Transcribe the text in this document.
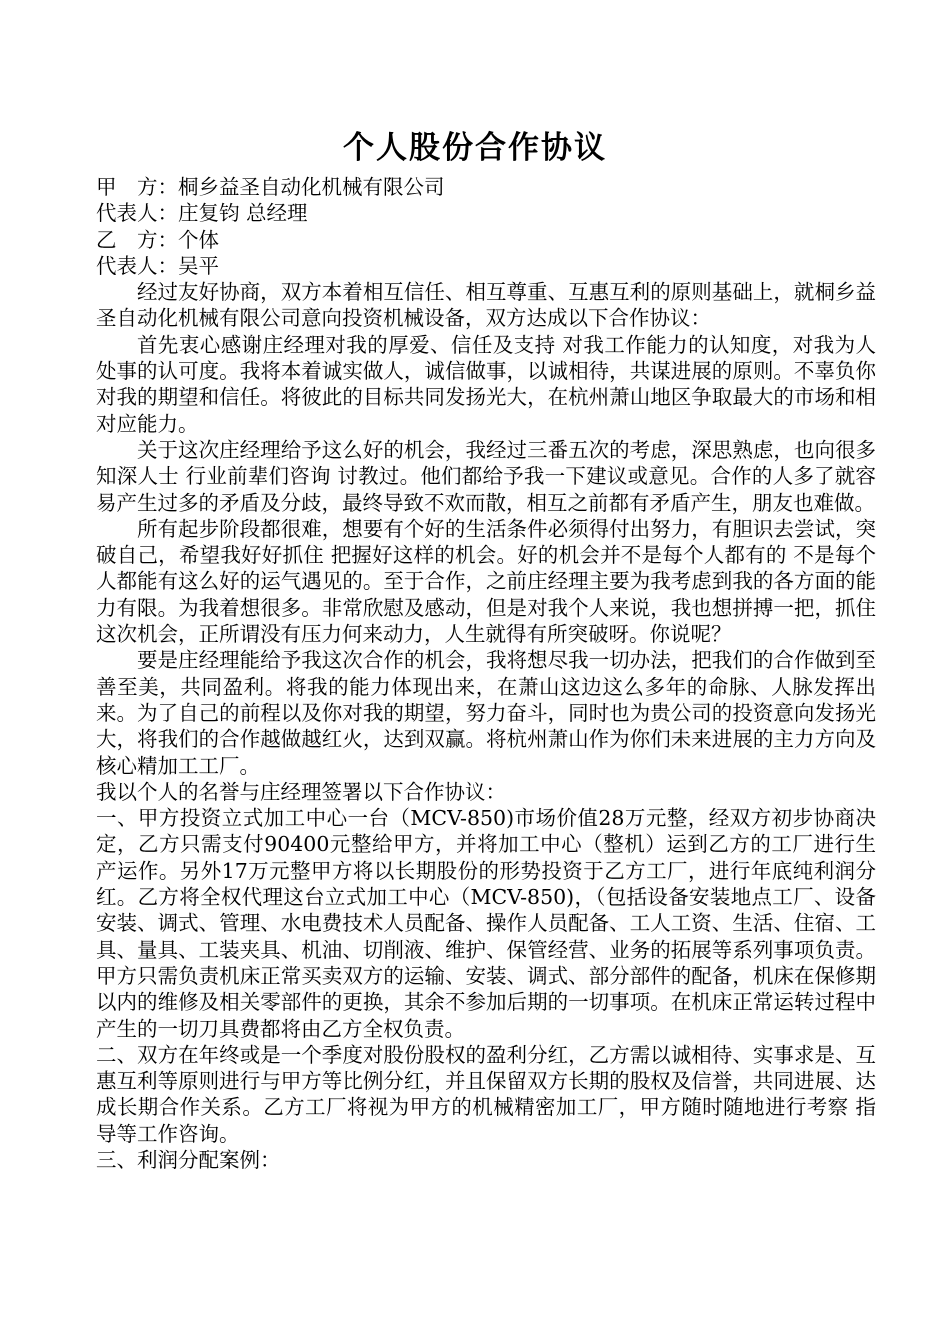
个人股份合作协议

甲　方：桐乡益圣自动化机械有限公司

代表人：庄复钧 总经理

乙　方：个体

代表人：吴平

经过友好协商，双方本着相互信任、相互尊重、互惠互利的原则基础上，就桐乡益圣自动化机械有限公司意向投资机械设备，双方达成以下合作协议：

首先衷心感谢庄经理对我的厚爱、信任及支持 对我工作能力的认知度，对我为人处事的认可度。我将本着诚实做人，诚信做事，以诚相待，共谋进展的原则。不辜负你对我的期望和信任。将彼此的目标共同发扬光大，在杭州萧山地区争取最大的市场和相对应能力。

关于这次庄经理给予这么好的机会，我经过三番五次的考虑，深思熟虑，也向很多知深人士 行业前辈们咨询 讨教过。他们都给予我一下建议或意见。合作的人多了就容易产生过多的矛盾及分歧，最终导致不欢而散，相互之前都有矛盾产生，朋友也难做。

所有起步阶段都很难，想要有个好的生活条件必须得付出努力，有胆识去尝试，突破自己，希望我好好抓住 把握好这样的机会。好的机会并不是每个人都有的 不是每个人都能有这么好的运气遇见的。至于合作，之前庄经理主要为我考虑到我的各方面的能力有限。为我着想很多。非常欣慰及感动，但是对我个人来说，我也想拼搏一把，抓住这次机会，正所谓没有压力何来动力，人生就得有所突破呀。你说呢？

要是庄经理能给予我这次合作的机会，我将想尽我一切办法，把我们的合作做到至善至美，共同盈利。将我的能力体现出来，在萧山这边这么多年的命脉、人脉发挥出来。为了自己的前程以及你对我的期望，努力奋斗，同时也为贵公司的投资意向发扬光大，将我们的合作越做越红火，达到双赢。将杭州萧山作为你们未来进展的主力方向及核心精加工工厂。

我以个人的名誉与庄经理签署以下合作协议：

一、甲方投资立式加工中心一台（MCV-850)市场价值28万元整，经双方初步协商决定，乙方只需支付90400元整给甲方，并将加工中心（整机）运到乙方的工厂进行生产运作。另外17万元整甲方将以长期股份的形势投资于乙方工厂，进行年底纯利润分红。乙方将全权代理这台立式加工中心（MCV-850)，（包括设备安装地点工厂、设备安装、调式、管理、水电费技术人员配备、操作人员配备、工人工资、生活、住宿、工具、量具、工装夹具、机油、切削液、维护、保管经营、业务的拓展等系列事项负责。甲方只需负责机床正常买卖双方的运输、安装、调式、部分部件的配备，机床在保修期以内的维修及相关零部件的更换，其余不参加后期的一切事项。在机床正常运转过程中产生的一切刀具费都将由乙方全权负责。

二、双方在年终或是一个季度对股份股权的盈利分红，乙方需以诚相待、实事求是、互惠互利等原则进行与甲方等比例分红，并且保留双方长期的股权及信誉，共同进展、达成长期合作关系。乙方工厂将视为甲方的机械精密加工厂，甲方随时随地进行考察 指导等工作咨询。

三、利润分配案例：
